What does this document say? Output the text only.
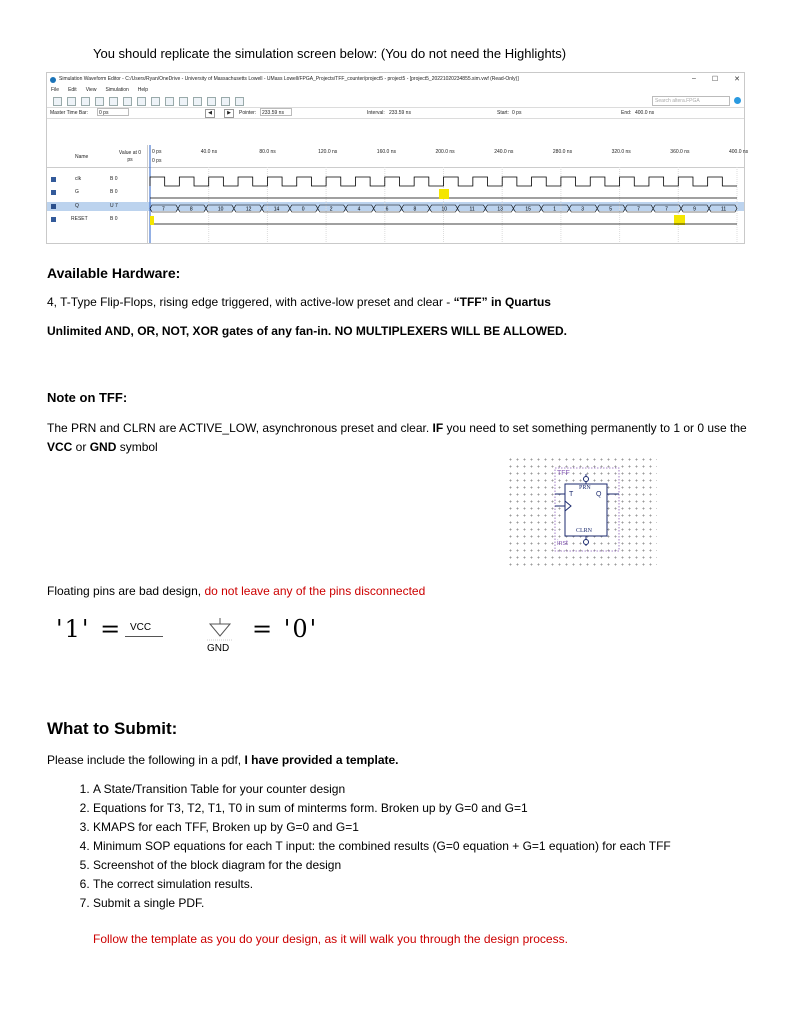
You should replicate the simulation screen below: (You do not need the Highlights)
Simulation Waveform Editor - C:/Users/Ryan/OneDrive - University of Massachusetts Lowell - UMass Lowell/FPGA_Projects/TFF_counter/project5 - project5 - [project5_20221020234855.sim.vwf (Read-Only)]	– ☐ ✕
File Edit View Simulation Help
Search altera.FPGA
Master Time Bar: 0 ps	◀	▶	Pointer: 233.59 ns	Interval: 233.59 ns	Start: 0 ps	End: 400.0 ns
Name
Value at 0 ps
clk	B 0
G	B 0
Q	U 7
RESET	B 0
0 ps	40.0 ns	80.0 ns	120.0 ns	160.0 ns	200.0 ns	240.0 ns	280.0 ns	320.0 ns	360.0 ns	400.0 ns
0 ps
7	8	10	12	14	0	2	4	6	8	10	11	13	15	1	3	5	7	7	9	11
Available Hardware:
4, T-Type Flip-Flops, rising edge triggered, with active-low preset and clear - “TFF” in Quartus
Unlimited AND, OR, NOT, XOR gates of any fan-in. NO MULTIPLEXERS WILL BE ALLOWED.
Note on TFF:
The PRN and CLRN are ACTIVE_LOW, asynchronous preset and clear. IF you need to set something permanently to 1 or 0 use the VCC or GND symbol
TFF
PRN
T	Q
CLRN
inst
Floating pins are bad design, do not leave any of the pins disconnected
'1' = VCC
GND
= '0'
What to Submit:
Please include the following in a pdf, I have provided a template.
1. A State/Transition Table for your counter design
2. Equations for T3, T2, T1, T0 in sum of minterms form. Broken up by G=0 and G=1
3. KMAPS for each TFF, Broken up by G=0 and G=1
4. Minimum SOP equations for each T input: the combined results (G=0 equation + G=1 equation) for each TFF
5. Screenshot of the block diagram for the design
6. The correct simulation results.
7. Submit a single PDF.
Follow the template as you do your design, as it will walk you through the design process.
